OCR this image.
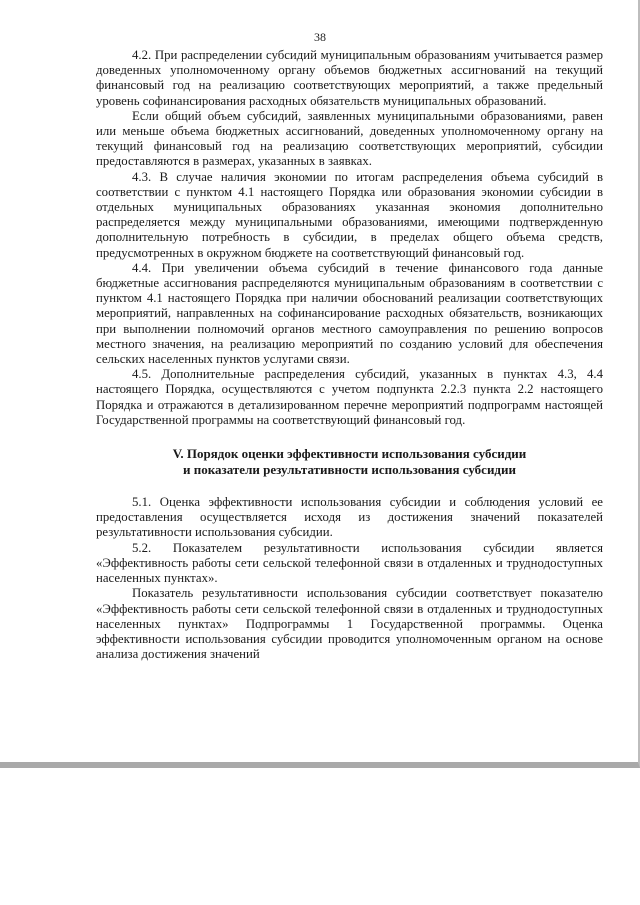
38

4.2. При распределении субсидий муниципальным образованиям учитывается размер доведенных уполномоченному органу объемов бюджетных ассигнований на текущий финансовый год на реализацию соответствующих мероприятий, а также предельный уровень софинансирования расходных обязательств муниципальных образований.

Если общий объем субсидий, заявленных муниципальными образованиями, равен или меньше объема бюджетных ассигнований, доведенных уполномоченному органу на текущий финансовый год на реализацию соответствующих мероприятий, субсидии предоставляются в размерах, указанных в заявках.

4.3. В случае наличия экономии по итогам распределения объема субсидий в соответствии с пунктом 4.1 настоящего Порядка или образования экономии субсидии в отдельных муниципальных образованиях указанная экономия дополнительно распределяется между муниципальными образованиями, имеющими подтвержденную дополнительную потребность в субсидии, в пределах общего объема средств, предусмотренных в окружном бюджете на соответствующий финансовый год.

4.4. При увеличении объема субсидий в течение финансового года данные бюджетные ассигнования распределяются муниципальным образованиям в соответствии с пунктом 4.1 настоящего Порядка при наличии обоснований реализации соответствующих мероприятий, направленных на софинансирование расходных обязательств, возникающих при выполнении полномочий органов местного самоуправления по решению вопросов местного значения, на реализацию мероприятий по созданию условий для обеспечения сельских населенных пунктов услугами связи.

4.5. Дополнительные распределения субсидий, указанных в пунктах 4.3, 4.4 настоящего Порядка, осуществляются с учетом подпункта 2.2.3 пункта 2.2 настоящего Порядка и отражаются в детализированном перечне мероприятий подпрограмм настоящей Государственной программы на соответствующий финансовый год.

V. Порядок оценки эффективности использования субсидии
и показатели результативности использования субсидии

5.1. Оценка эффективности использования субсидии и соблюдения условий ее предоставления осуществляется исходя из достижения значений показателей результативности использования субсидии.

5.2. Показателем результативности использования субсидии является «Эффективность работы сети сельской телефонной связи в отдаленных и труднодоступных населенных пунктах».

Показатель результативности использования субсидии соответствует показателю «Эффективность работы сети сельской телефонной связи в отдаленных и труднодоступных населенных пунктах» Подпрограммы 1 Государственной программы. Оценка эффективности использования субсидии проводится уполномоченным органом на основе анализа достижения значений
